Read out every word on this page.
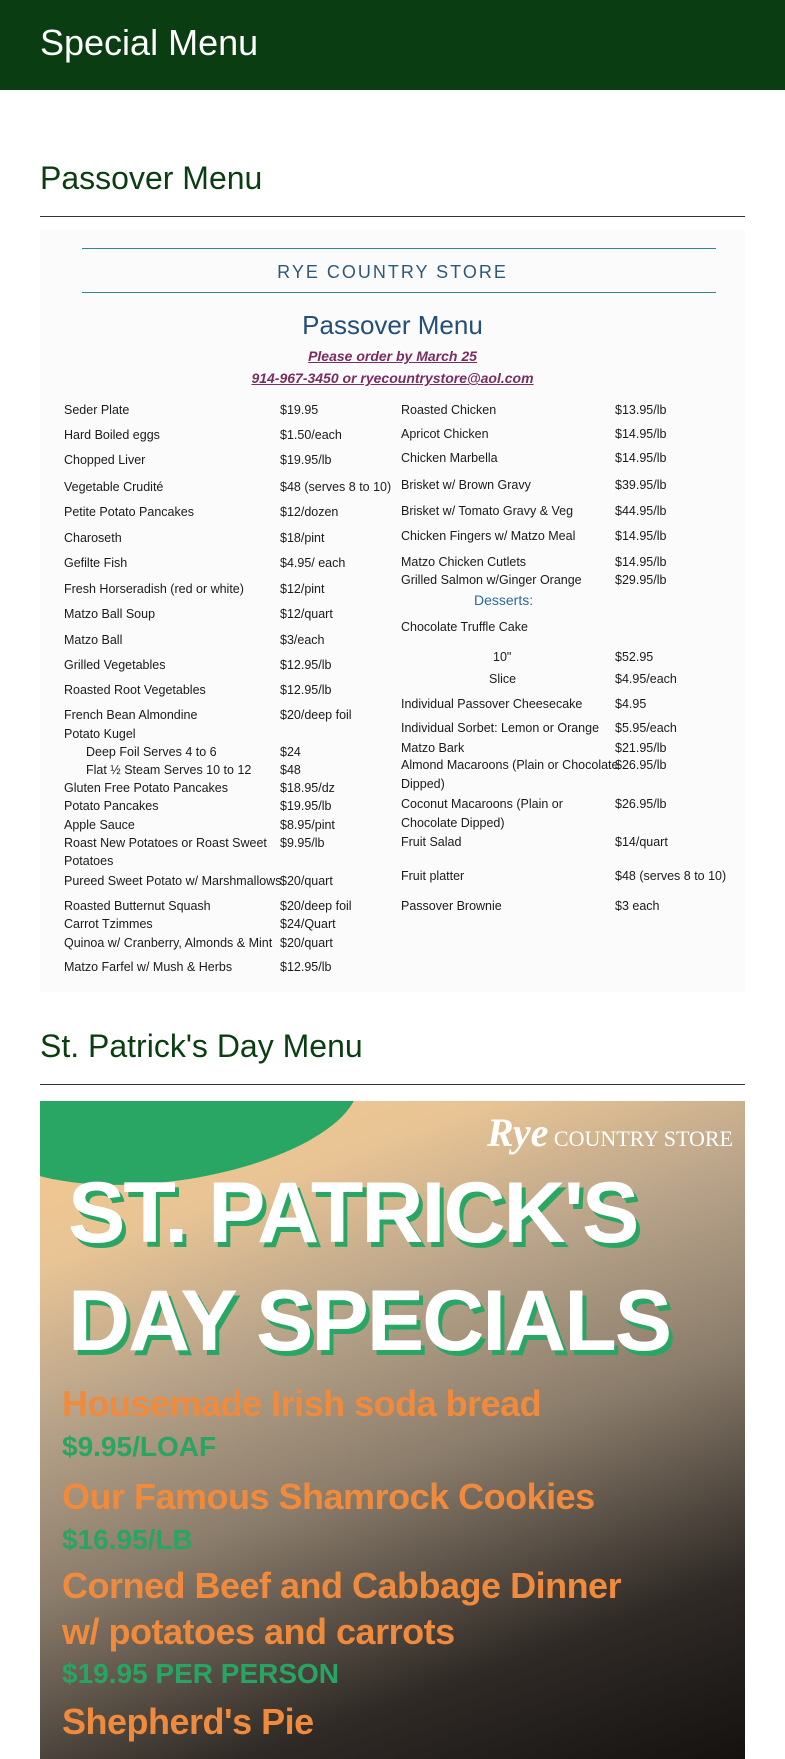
Special Menu
Passover Menu
RYE COUNTRY STORE
Passover Menu
Please order by March 25
914-967-3450 or ryecountrystore@aol.com
Seder Plate	$19.95
Hard Boiled eggs	$1.50/each
Chopped Liver	$19.95/lb
Vegetable Crudité	$48 (serves 8 to 10)
Petite Potato Pancakes	$12/dozen
Charoseth	$18/pint
Gefilte Fish	$4.95/ each
Fresh Horseradish (red or white)	$12/pint
Matzo Ball Soup	$12/quart
Matzo Ball	$3/each
Grilled Vegetables	$12.95/lb
Roasted Root Vegetables	$12.95/lb
French Bean Almondine	$20/deep foil
Potato Kugel
Deep Foil Serves 4 to 6	$24
Flat ½ Steam Serves 10 to 12 $48
Gluten Free Potato Pancakes	$18.95/dz
Potato Pancakes	$19.95/lb
Apple Sauce	$8.95/pint
Roast New Potatoes or Roast Sweet $9.95/lb
Potatoes
Pureed Sweet Potato w/ Marshmallows
$20/quart
Roasted Butternut Squash	$20/deep foil
Carrot Tzimmes	$24/Quart
Quinoa w/ Cranberry, Almonds & Mint $20/quart
Matzo Farfel w/ Mush & Herbs	$12.95/lb
Roasted Chicken	$13.95/lb
Apricot Chicken	$14.95/lb
Chicken Marbella	$14.95/lb
Brisket w/ Brown Gravy	$39.95/lb
Brisket w/ Tomato Gravy & Veg	$44.95/lb
Chicken Fingers w/ Matzo Meal	$14.95/lb
Matzo Chicken Cutlets	$14.95/lb
Grilled Salmon w/Ginger Orange	$29.95/lb
Chocolate Truffle Cake
10"	$52.95
Slice	$4.95/each
Individual Passover Cheesecake	$4.95
Individual Sorbet: Lemon or Orange $5.95/each
Matzo Bark	$21.95/lb
Almond Macaroons (Plain or Chocolate
$26.95/lb
Dipped)
Coconut Macaroons (Plain or	$26.95/lb
Chocolate Dipped)
Fruit Salad	$14/quart
Fruit platter	$48 (serves 8 to 10)
Passover Brownie	$3 each
Desserts:
St. Patrick's Day Menu
Rye COUNTRY STORE
ST. PATRICK'S
DAY SPECIALS
Housemade Irish soda bread
$9.95/LOAF
Our Famous Shamrock Cookies
$16.95/LB
Corned Beef and Cabbage Dinner
w/ potatoes and carrots
$19.95 PER PERSON
Shepherd's Pie
